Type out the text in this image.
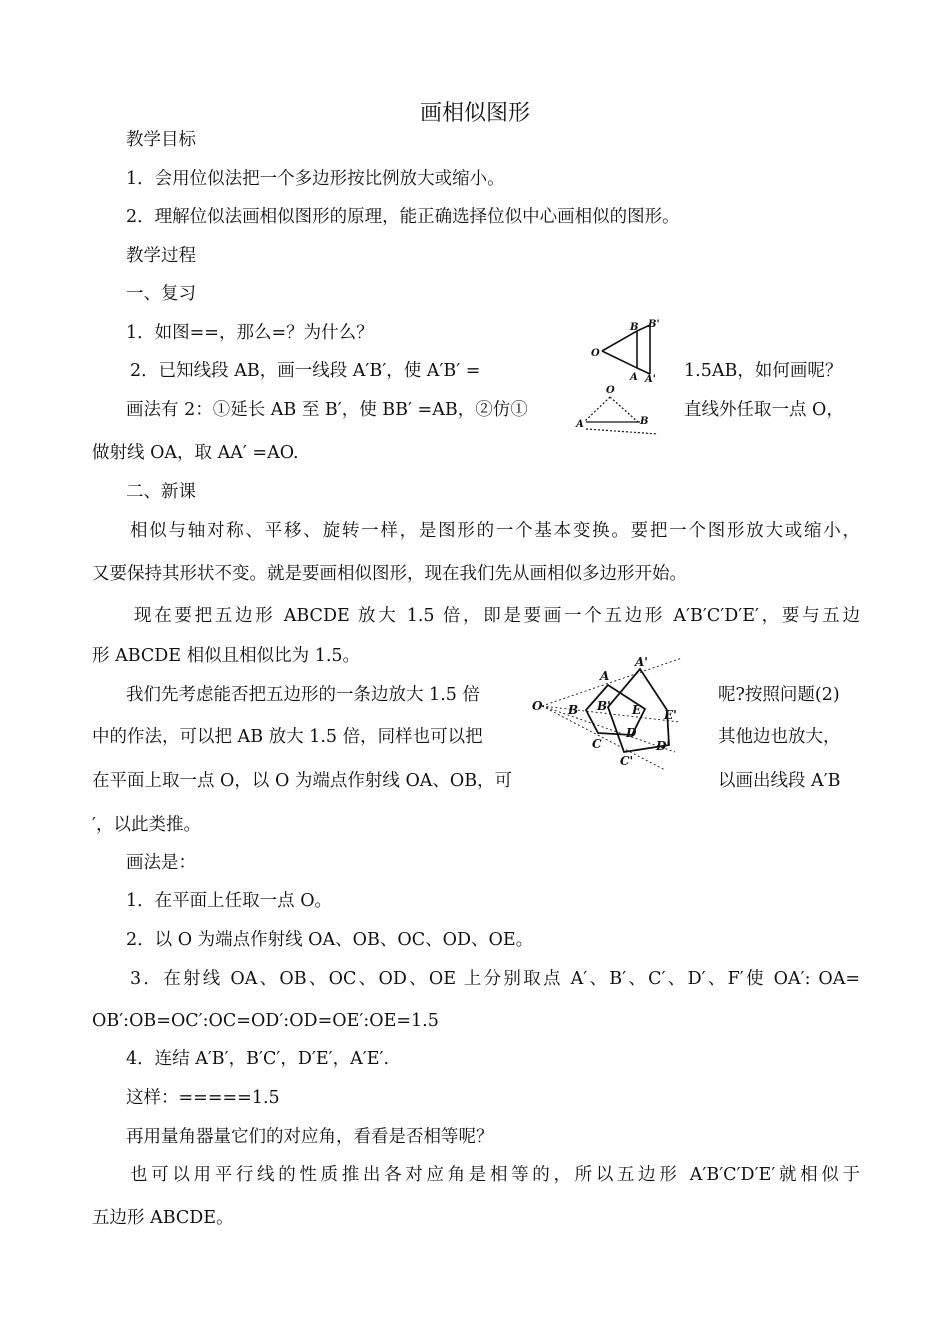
画相似图形
教学目标
1．会用位似法把一个多边形按比例放大或缩小。
2．理解位似法画相似图形的原理，能正确选择位似中心画相似的图形。
教学过程
一、复习
1．如图==，那么=？为什么？
2．已知线段 AB，画一线段 A′B′，使 A′B′ =	1.5AB，如何画呢？
画法有 2：①延长 AB 至 B′，使 BB′ =AB，②仿①	直线外任取一点 O，
做射线 OA，取 AA′ =AO.
O
B B'
A A'
O
A	B
二、新课
相似与轴对称、平移、旋转一样，是图形的一个基本变换。要把一个图形放大或缩小，
又要保持其形状不变。就是要画相似图形，现在我们先从画相似多边形开始。
现在要把五边形 ABCDE 放大 1.5 倍，即是要画一个五边形 A′B′C′D′E′，要与五边
形 ABCDE 相似且相似比为 1.5。
我们先考虑能否把五边形的一条边放大 1.5 倍	呢?按照问题(2)
中的作法，可以把 AB 放大 1.5 倍，同样也可以把	其他边也放大，
在平面上取一点 O，以 O 为端点作射线 OA、OB，可	以画出线段 A′B
′，以此类推。
O
A
A'
B B' E E'
C
C'
D
D'
画法是：
1．在平面上任取一点 O。
2．以 O 为端点作射线 OA、OB、OC、OD、OE。
3．在射线 OA、OB、OC、OD、OE 上分别取点 A′、B′、C′、D′、F′使 OA′: OA=
OB′:OB=OC′:OC=OD′:OD=OE′:OE=1.5
4．连结 A′B′，B′C′，D′E′，A′E′.
这样：=====1.5
再用量角器量它们的对应角，看看是否相等呢？
也可以用平行线的性质推出各对应角是相等的，所以五边形 A′B′C′D′E′就相似于
五边形 ABCDE。
